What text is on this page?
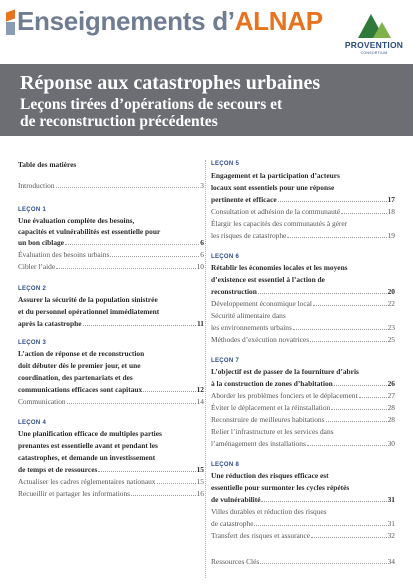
Enseignements d’ALNAP
PROVENTION
CONSORTIUM
Réponse aux catastrophes urbaines
Leçons tirées d’opérations de secours et
de reconstruction précédentes
Table des matières
Introduction	3
LEÇON 1
Une évaluation complète des besoins,
capacités et vulnérabilités est essentielle pour
un bon ciblage	6
Évaluation des besoins urbains	6
Cibler l’aide	10
LEÇON 2
Assurer la sécurité de la population sinistrée
et du personnel opérationnel immédiatement
après la catastrophe	11
LEÇON 3
L’action de réponse et de reconstruction
doit débuter dès le premier jour, et une
coordination, des partenariats et des
communications efficaces sont capitaux	12
Communication	14
LEÇON 4
Une planification efficace de multiples parties
prenantes est essentielle avant et pendant les
catastrophes, et demande un investissement
de temps et de ressources	15
Actualiser les cadres réglementaires nationaux	15
Recueillir et partager les informations	16
LEÇON 5
Engagement et la participation d’acteurs
locaux sont essentiels pour une réponse
pertinente et efficace	17
Consultation et adhésion de la communauté	18
Élargir les capacités des communautés à gérer
les risques de catastrophe	19
LEÇON 6
Rétablir les économies locales et les moyens
d’existence est essentiel à l’action de
reconstruction	20
Développement économique local	22
Sécurité alimentaire dans
les environnements urbains	23
Méthodes d’exécution novatrices	25
LEÇON 7
L’objectif est de passer de la fourniture d’abris
à la construction de zones d’habitation	26
Aborder les problèmes fonciers et le déplacement	27
Éviter le déplacement et la réinstallation	28
Reconstruire de meilleures habitations	28
Relier l’infrastructure et les services dans
l’aménagement des installations	30
LEÇON 8
Une réduction des risques efficace est
essentielle pour surmonter les cycles répétés
de vulnérabilité	31
Villes durables et réduction des risques
de catastrophe	31
Transfert des risques et assurance	32
Ressources Clés	34
